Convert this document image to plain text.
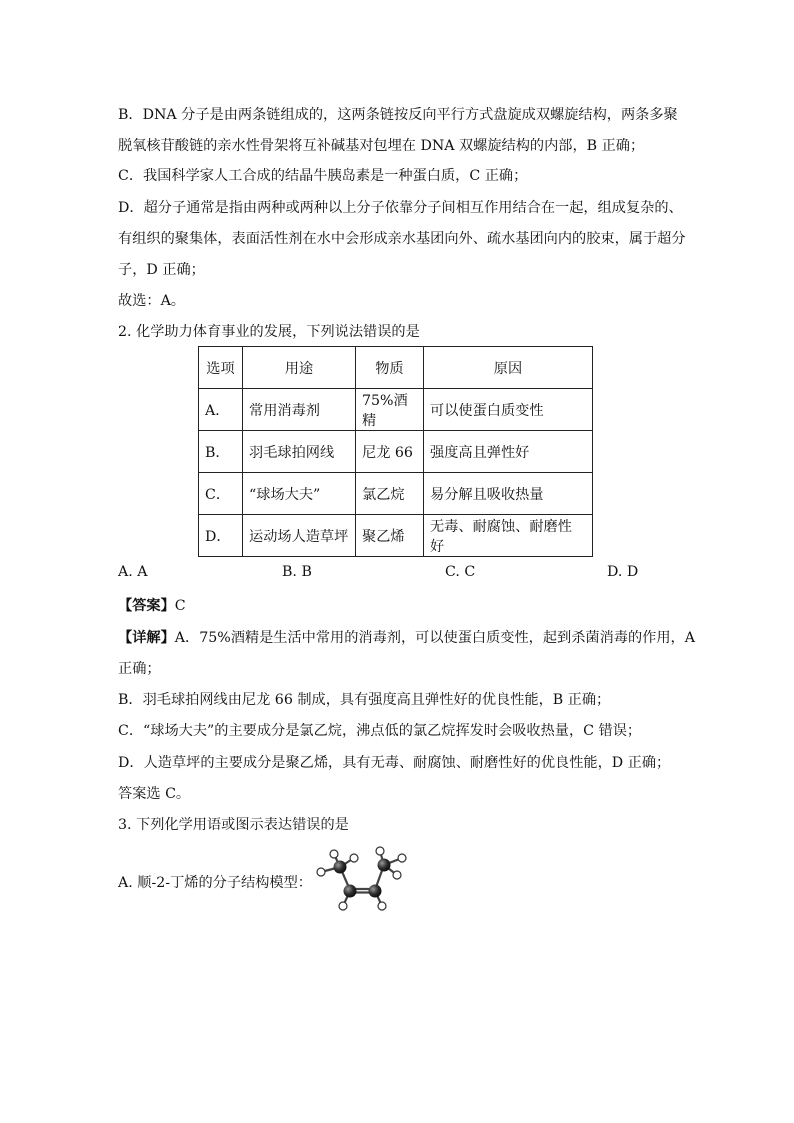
B．DNA 分子是由两条链组成的，这两条链按反向平行方式盘旋成双螺旋结构，两条多聚
脱氧核苷酸链的亲水性骨架将互补碱基对包埋在 DNA 双螺旋结构的内部，B 正确；
C．我国科学家人工合成的结晶牛胰岛素是一种蛋白质，C 正确；
D．超分子通常是指由两种或两种以上分子依靠分子间相互作用结合在一起，组成复杂的、
有组织的聚集体，表面活性剂在水中会形成亲水基团向外、疏水基团向内的胶束，属于超分
子，D 正确；
故选：A。
2. 化学助力体育事业的发展，下列说法错误的是
选项	用途	物质	原因
A．	常用消毒剂	75%酒精	可以使蛋白质变性
B．	羽毛球拍网线	尼龙 66	强度高且弹性好
C．	“球场大夫”	氯乙烷	易分解且吸收热量
D．	运动场人造草坪	聚乙烯	无毒、耐腐蚀、耐磨性好
A. A	B. B	C. C	D. D
【答案】C
【详解】A．75%酒精是生活中常用的消毒剂，可以使蛋白质变性，起到杀菌消毒的作用，A
正确；
B．羽毛球拍网线由尼龙 66 制成，具有强度高且弹性好的优良性能，B 正确；
C．“球场大夫”的主要成分是氯乙烷，沸点低的氯乙烷挥发时会吸收热量，C 错误；
D．人造草坪的主要成分是聚乙烯，具有无毒、耐腐蚀、耐磨性好的优良性能，D 正确；
答案选 C。
3. 下列化学用语或图示表达错误的是
A. 顺-2-丁烯的分子结构模型：
